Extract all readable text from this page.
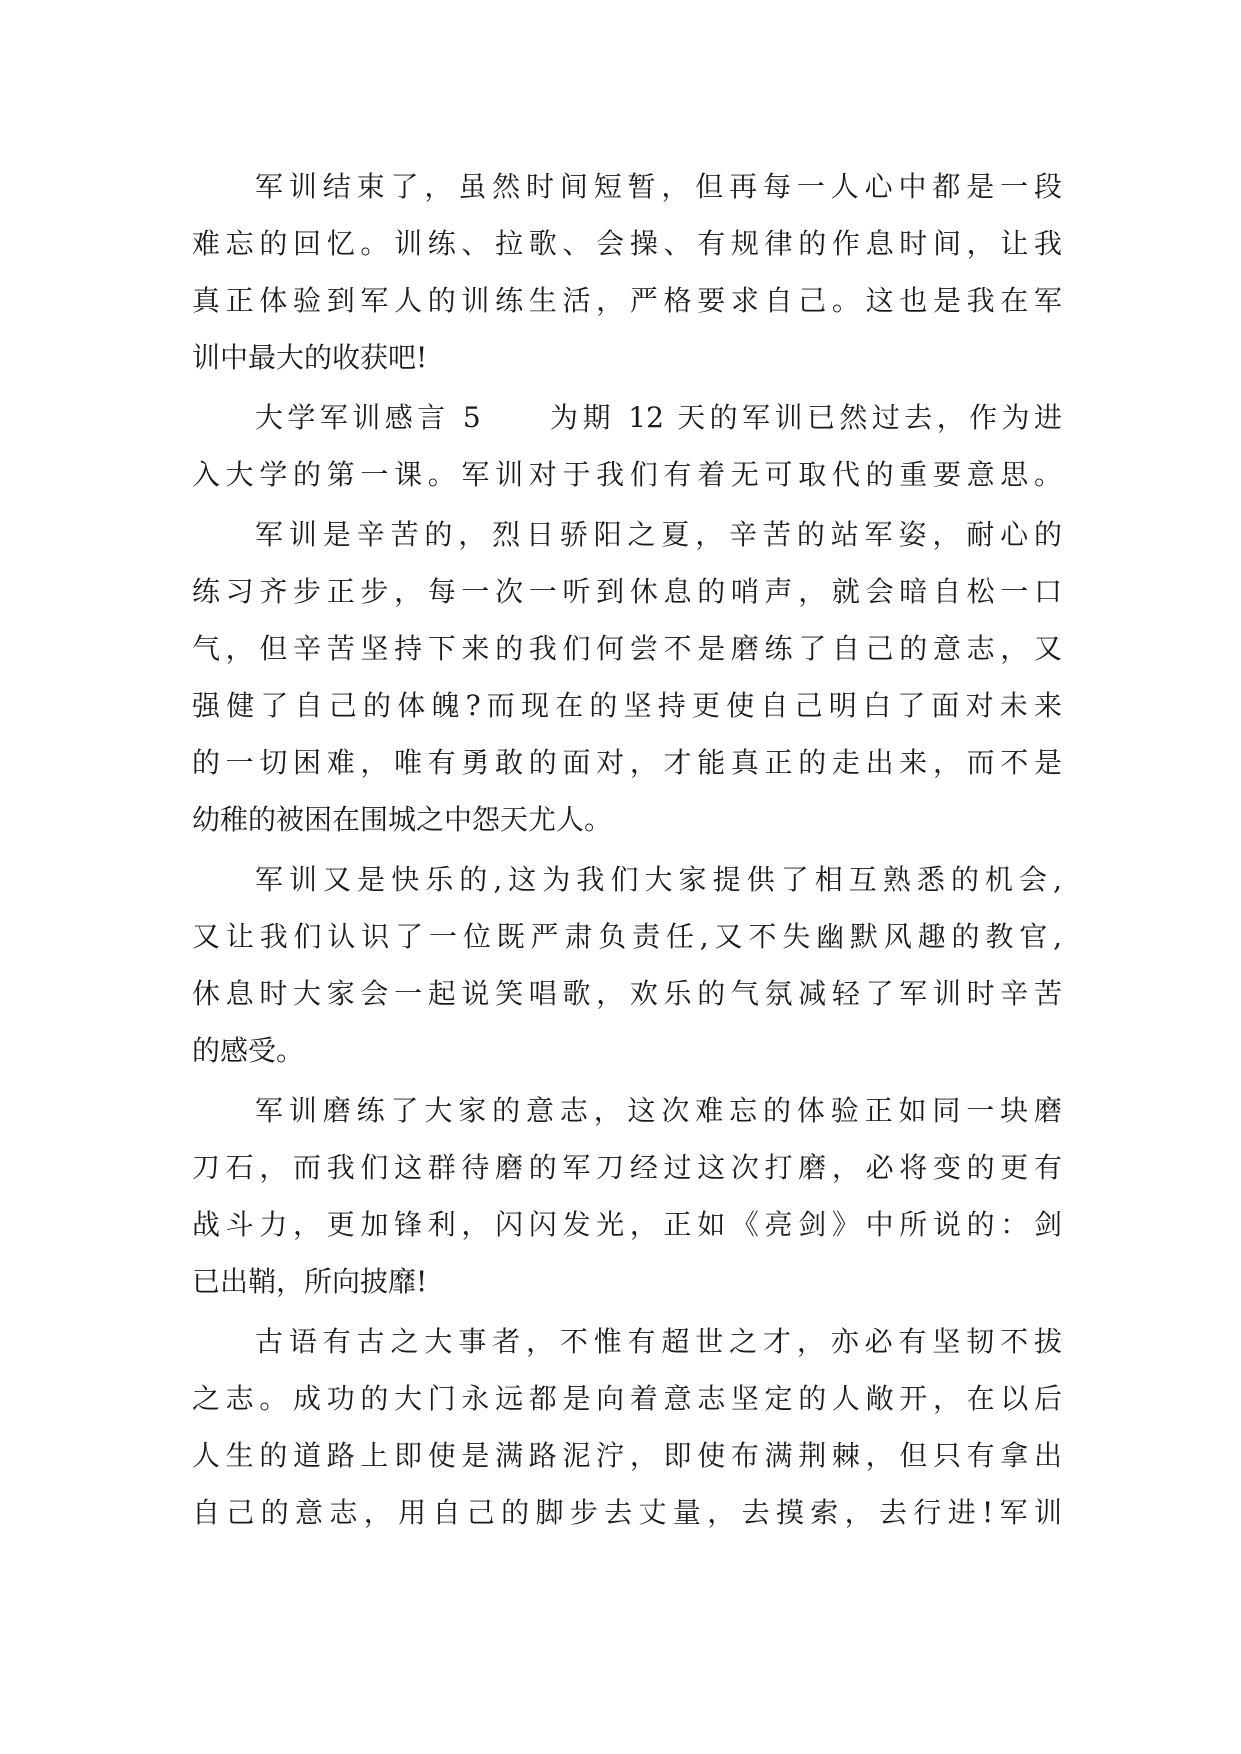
军训结束了，虽然时间短暂，但再每一人心中都是一段
难忘的回忆。训练、拉歌、会操、有规律的作息时间，让我
真正体验到军人的训练生活，严格要求自己。这也是我在军
训中最大的收获吧!
大学军训感言 5　　为期 12 天的军训已然过去，作为进
入大学的第一课。军训对于我们有着无可取代的重要意思。
军训是辛苦的，烈日骄阳之夏，辛苦的站军姿，耐心的
练习齐步正步，每一次一听到休息的哨声，就会暗自松一口
气，但辛苦坚持下来的我们何尝不是磨练了自己的意志，又
强健了自己的体魄?而现在的坚持更使自己明白了面对未来
的一切困难，唯有勇敢的面对，才能真正的走出来，而不是
幼稚的被困在围城之中怨天尤人。
军训又是快乐的,这为我们大家提供了相互熟悉的机会,
又让我们认识了一位既严肃负责任,又不失幽默风趣的教官,
休息时大家会一起说笑唱歌，欢乐的气氛减轻了军训时辛苦
的感受。
军训磨练了大家的意志，这次难忘的体验正如同一块磨
刀石，而我们这群待磨的军刀经过这次打磨，必将变的更有
战斗力，更加锋利，闪闪发光，正如《亮剑》中所说的：剑
已出鞘，所向披靡!
古语有古之大事者，不惟有超世之才，亦必有坚韧不拔
之志。成功的大门永远都是向着意志坚定的人敞开，在以后
人生的道路上即使是满路泥泞，即使布满荆棘，但只有拿出
自己的意志，用自己的脚步去丈量，去摸索，去行进!军训
